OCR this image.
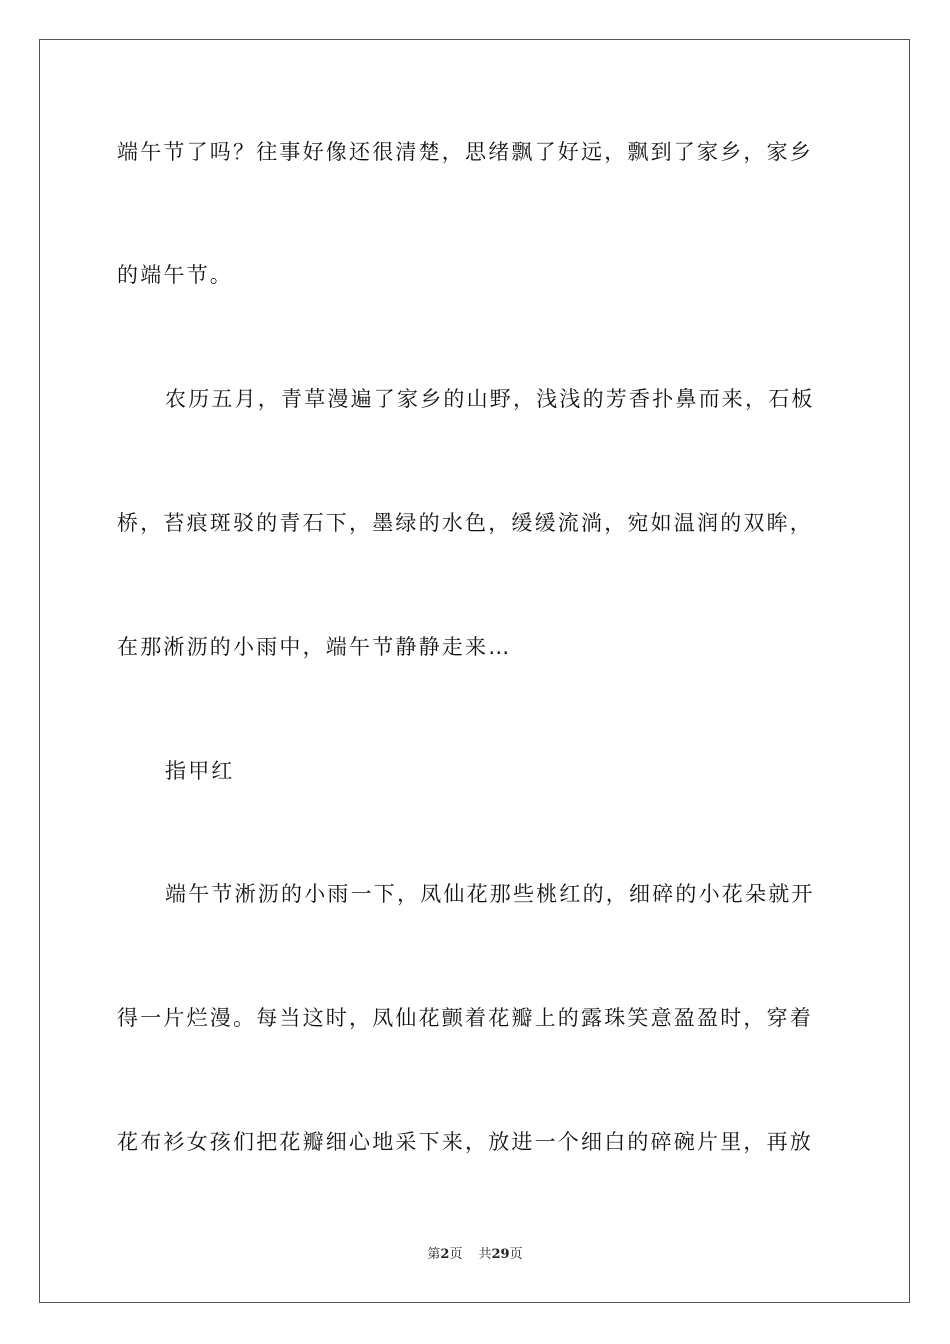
端午节了吗？往事好像还很清楚，思绪飘了好远，飘到了家乡，家乡
的端午节。
农历五月，青草漫遍了家乡的山野，浅浅的芳香扑鼻而来，石板
桥，苔痕斑驳的青石下，墨绿的水色，缓缓流淌，宛如温润的双眸，
在那淅沥的小雨中，端午节静静走来…
指甲红
端午节淅沥的小雨一下，凤仙花那些桃红的，细碎的小花朵就开
得一片烂漫。每当这时，凤仙花颤着花瓣上的露珠笑意盈盈时，穿着
花布衫女孩们把花瓣细心地采下来，放进一个细白的碎碗片里，再放
第2页 共29页
